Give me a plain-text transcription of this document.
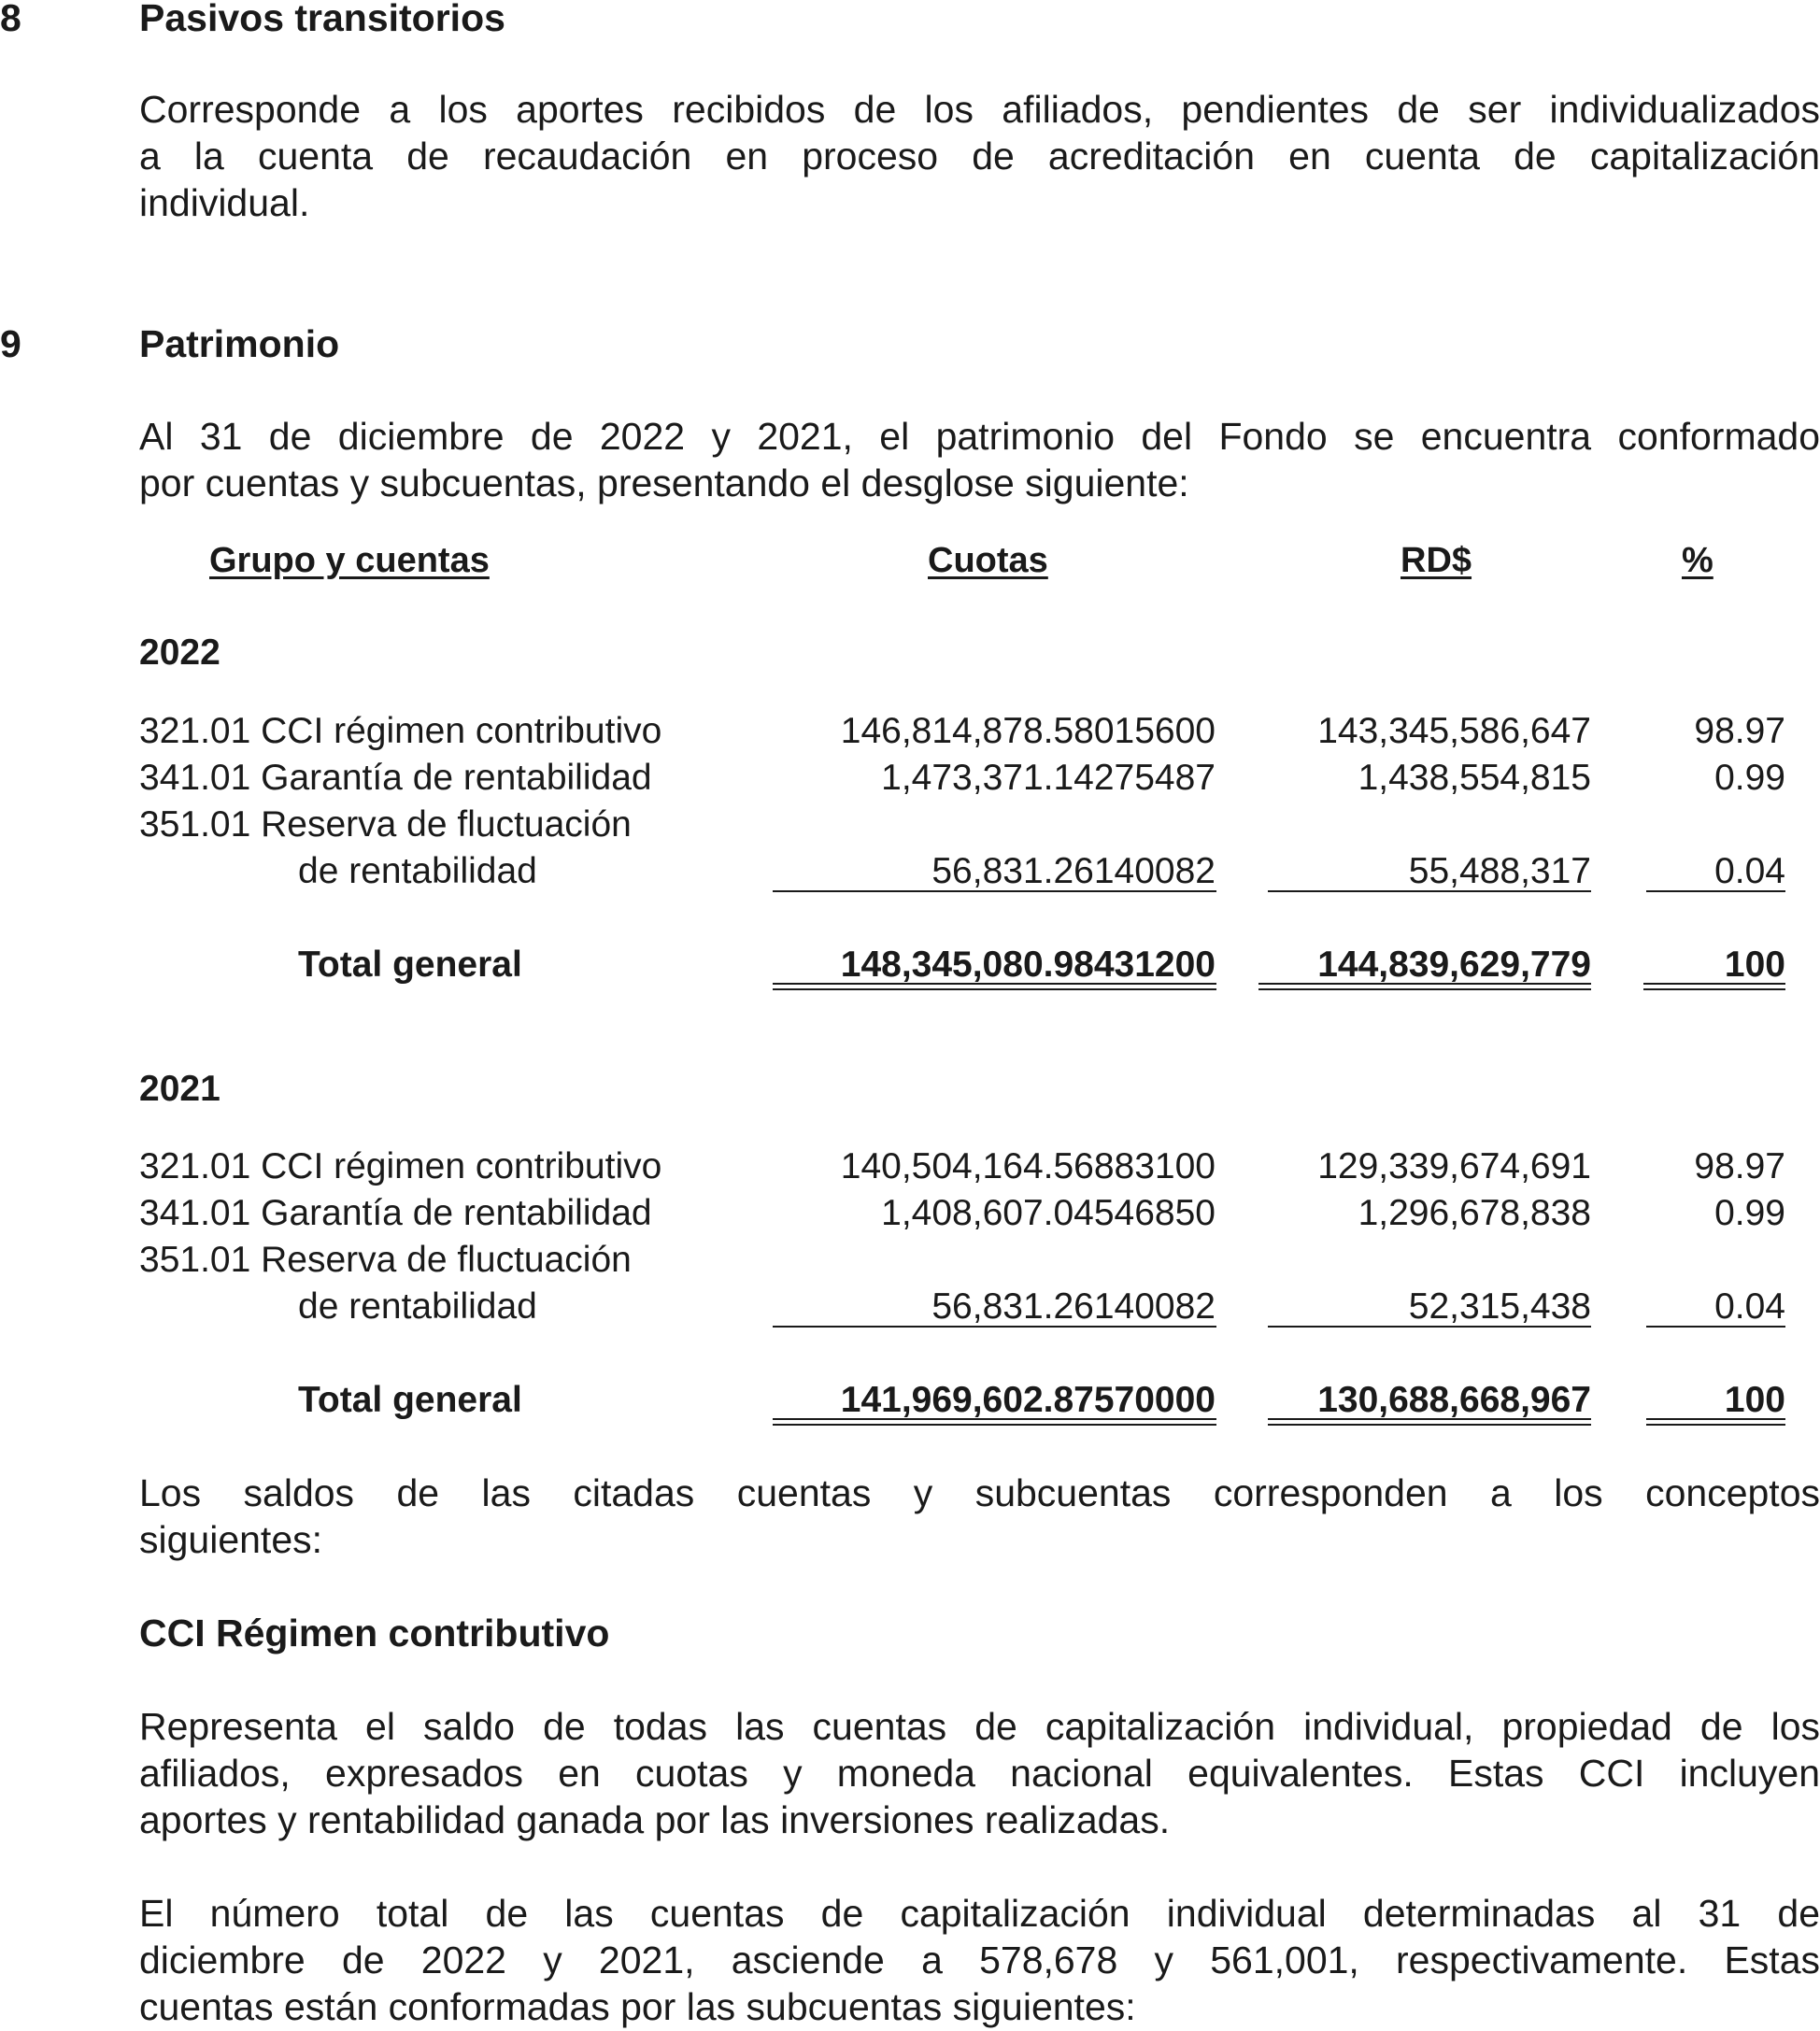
8	Pasivos transitorios
Corresponde a los aportes recibidos de los afiliados, pendientes de ser individualizados
a la cuenta de recaudación en proceso de acreditación en cuenta de capitalización
individual.
9	Patrimonio
Al 31 de diciembre de 2022 y 2021, el patrimonio del Fondo se encuentra conformado
por cuentas y subcuentas, presentando el desglose siguiente:
Grupo y cuentas	Cuotas	RD$	%
2022
321.01 CCI régimen contributivo	146,814,878.58015600	143,345,586,647	98.97
341.01 Garantía de rentabilidad	1,473,371.14275487	1,438,554,815	0.99
351.01 Reserva de fluctuación
de rentabilidad	56,831.26140082	55,488,317	0.04
Total general	148,345,080.98431200	144,839,629,779	100
2021
321.01 CCI régimen contributivo	140,504,164.56883100	129,339,674,691	98.97
341.01 Garantía de rentabilidad	1,408,607.04546850	1,296,678,838	0.99
351.01 Reserva de fluctuación
de rentabilidad	56,831.26140082	52,315,438	0.04
Total general	141,969,602.87570000	130,688,668,967	100
Los saldos de las citadas cuentas y subcuentas corresponden a los conceptos
siguientes:
CCI Régimen contributivo
Representa el saldo de todas las cuentas de capitalización individual, propiedad de los
afiliados, expresados en cuotas y moneda nacional equivalentes. Estas CCI incluyen
aportes y rentabilidad ganada por las inversiones realizadas.
El número total de las cuentas de capitalización individual determinadas al 31 de
diciembre de 2022 y 2021, asciende a 578,678 y 561,001, respectivamente. Estas
cuentas están conformadas por las subcuentas siguientes:
